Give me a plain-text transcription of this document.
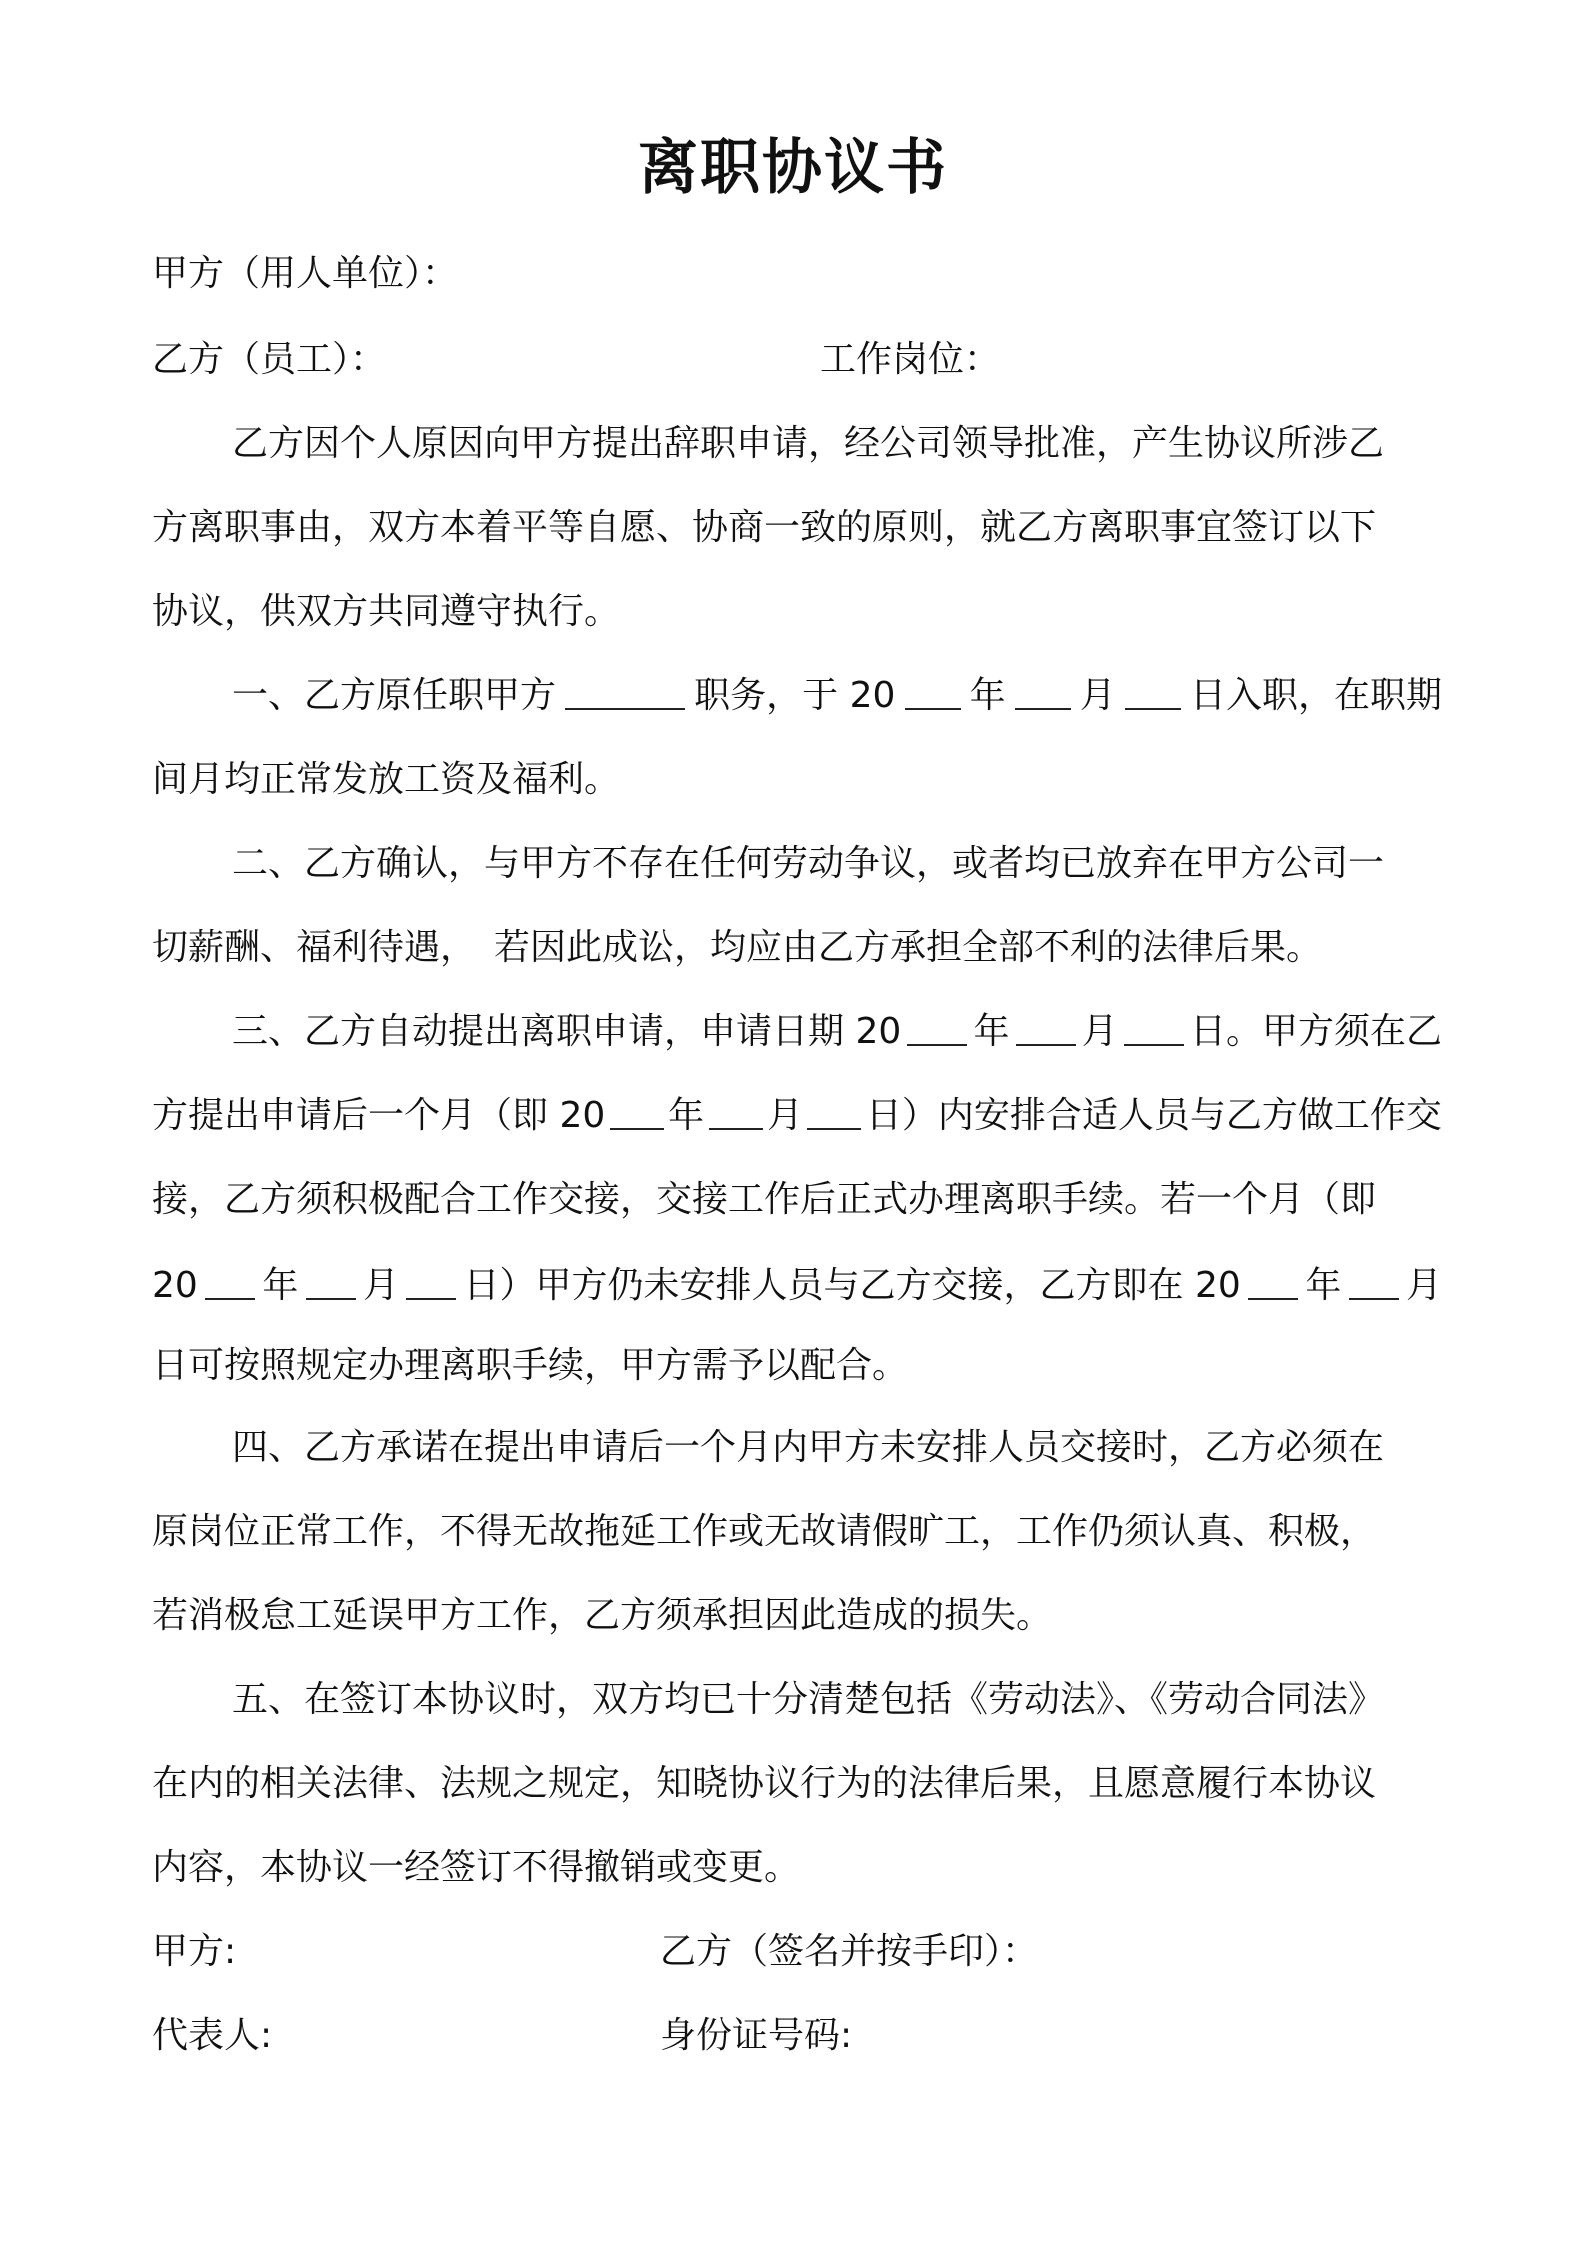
离职协议书
甲方（用人单位）：
乙方（员工）：	工作岗位：
乙方因个人原因向甲方提出辞职申请，经公司领导批准，产生协议所涉乙
方离职事由，双方本着平等自愿、协商一致的原则，就乙方离职事宜签订以下
协议，供双方共同遵守执行。
一、乙方原任职甲方	职务，于 20 年 月 日入职，在职期
间月均正常发放工资及福利。
二、乙方确认，与甲方不存在任何劳动争议，或者均已放弃在甲方公司一
切薪酬、福利待遇，　若因此成讼，均应由乙方承担全部不利的法律后果。
三、乙方自动提出离职申请，申请日期 20 年 月 日。甲方须在乙
方提出申请后一个月（即 20 年 月 日）内安排合适人员与乙方做工作交
接，乙方须积极配合工作交接，交接工作后正式办理离职手续。若一个月（即
20 年 月 日）甲方仍未安排人员与乙方交接，乙方即在 20 年 月
日可按照规定办理离职手续，甲方需予以配合。
四、乙方承诺在提出申请后一个月内甲方未安排人员交接时，乙方必须在
原岗位正常工作，不得无故拖延工作或无故请假旷工，工作仍须认真、积极，
若消极怠工延误甲方工作，乙方须承担因此造成的损失。
五、在签订本协议时，双方均已十分清楚包括《劳动法》、《劳动合同法》
在内的相关法律、法规之规定，知晓协议行为的法律后果，且愿意履行本协议
内容，本协议一经签订不得撤销或变更。
甲方:	乙方（签名并按手印）：
代表人:	身份证号码:
